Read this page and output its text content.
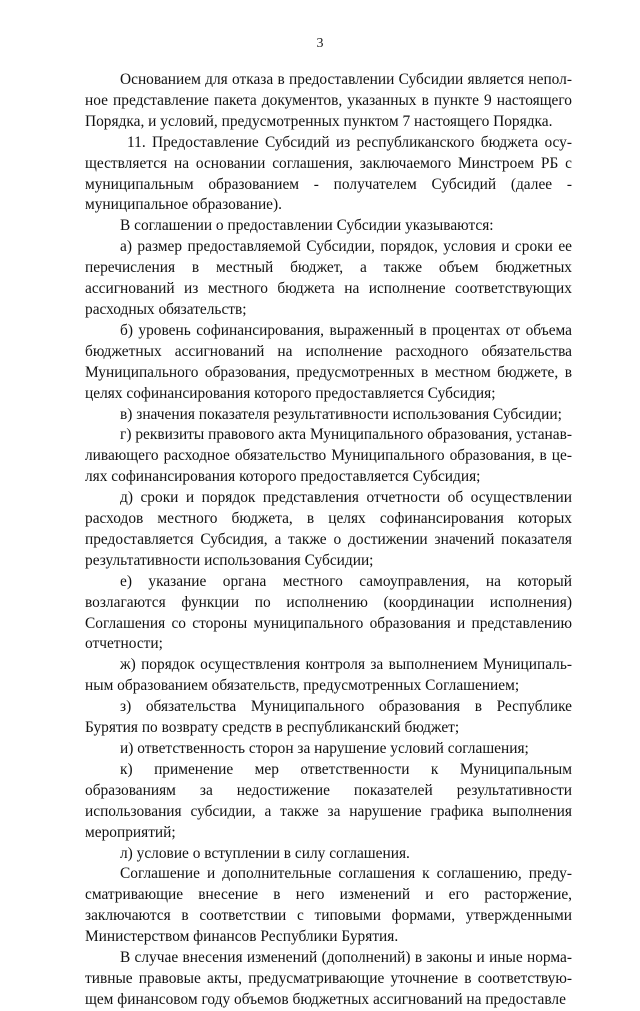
3

Основанием для отказа в предоставлении Субсидии является неполное представление пакета документов, указанных в пункте 9 настоящего Порядка, и условий, предусмотренных пунктом 7 настоящего Порядка.

11. Предоставление Субсидий из республиканского бюджета осуществляется на основании соглашения, заключаемого Минстроем РБ с муниципальным образованием - получателем Субсидий (далее - муниципальное образование).

В соглашении о предоставлении Субсидии указываются:

а) размер предоставляемой Субсидии, порядок, условия и сроки ее перечисления в местный бюджет, а также объем бюджетных ассигнований из местного бюджета на исполнение соответствующих расходных обязательств;

б) уровень софинансирования, выраженный в процентах от объема бюджетных ассигнований на исполнение расходного обязательства Муниципального образования, предусмотренных в местном бюджете, в целях софинансирования которого предоставляется Субсидия;

в) значения показателя результативности использования Субсидии;

г) реквизиты правового акта Муниципального образования, устанавливающего расходное обязательство Муниципального образования, в целях софинансирования которого предоставляется Субсидия;

д) сроки и порядок представления отчетности об осуществлении расходов местного бюджета, в целях софинансирования которых предоставляется Субсидия, а также о достижении значений показателя результативности использования Субсидии;

е) указание органа местного самоуправления, на который возлагаются функции по исполнению (координации исполнения) Соглашения со стороны муниципального образования и представлению отчетности;

ж) порядок осуществления контроля за выполнением Муниципальным образованием обязательств, предусмотренных Соглашением;

з) обязательства Муниципального образования в Республике Бурятия по возврату средств в республиканский бюджет;

и) ответственность сторон за нарушение условий соглашения;

к) применение мер ответственности к Муниципальным образованиям за недостижение показателей результативности использования субсидии, а также за нарушение графика выполнения мероприятий;

л) условие о вступлении в силу соглашения.

Соглашение и дополнительные соглашения к соглашению, предусматривающие внесение в него изменений и его расторжение, заключаются в соответствии с типовыми формами, утвержденными Министерством финансов Республики Бурятия.

В случае внесения изменений (дополнений) в законы и иные нормативные правовые акты, предусматривающие уточнение в соответствующем финансовом году объемов бюджетных ассигнований на предоставле
